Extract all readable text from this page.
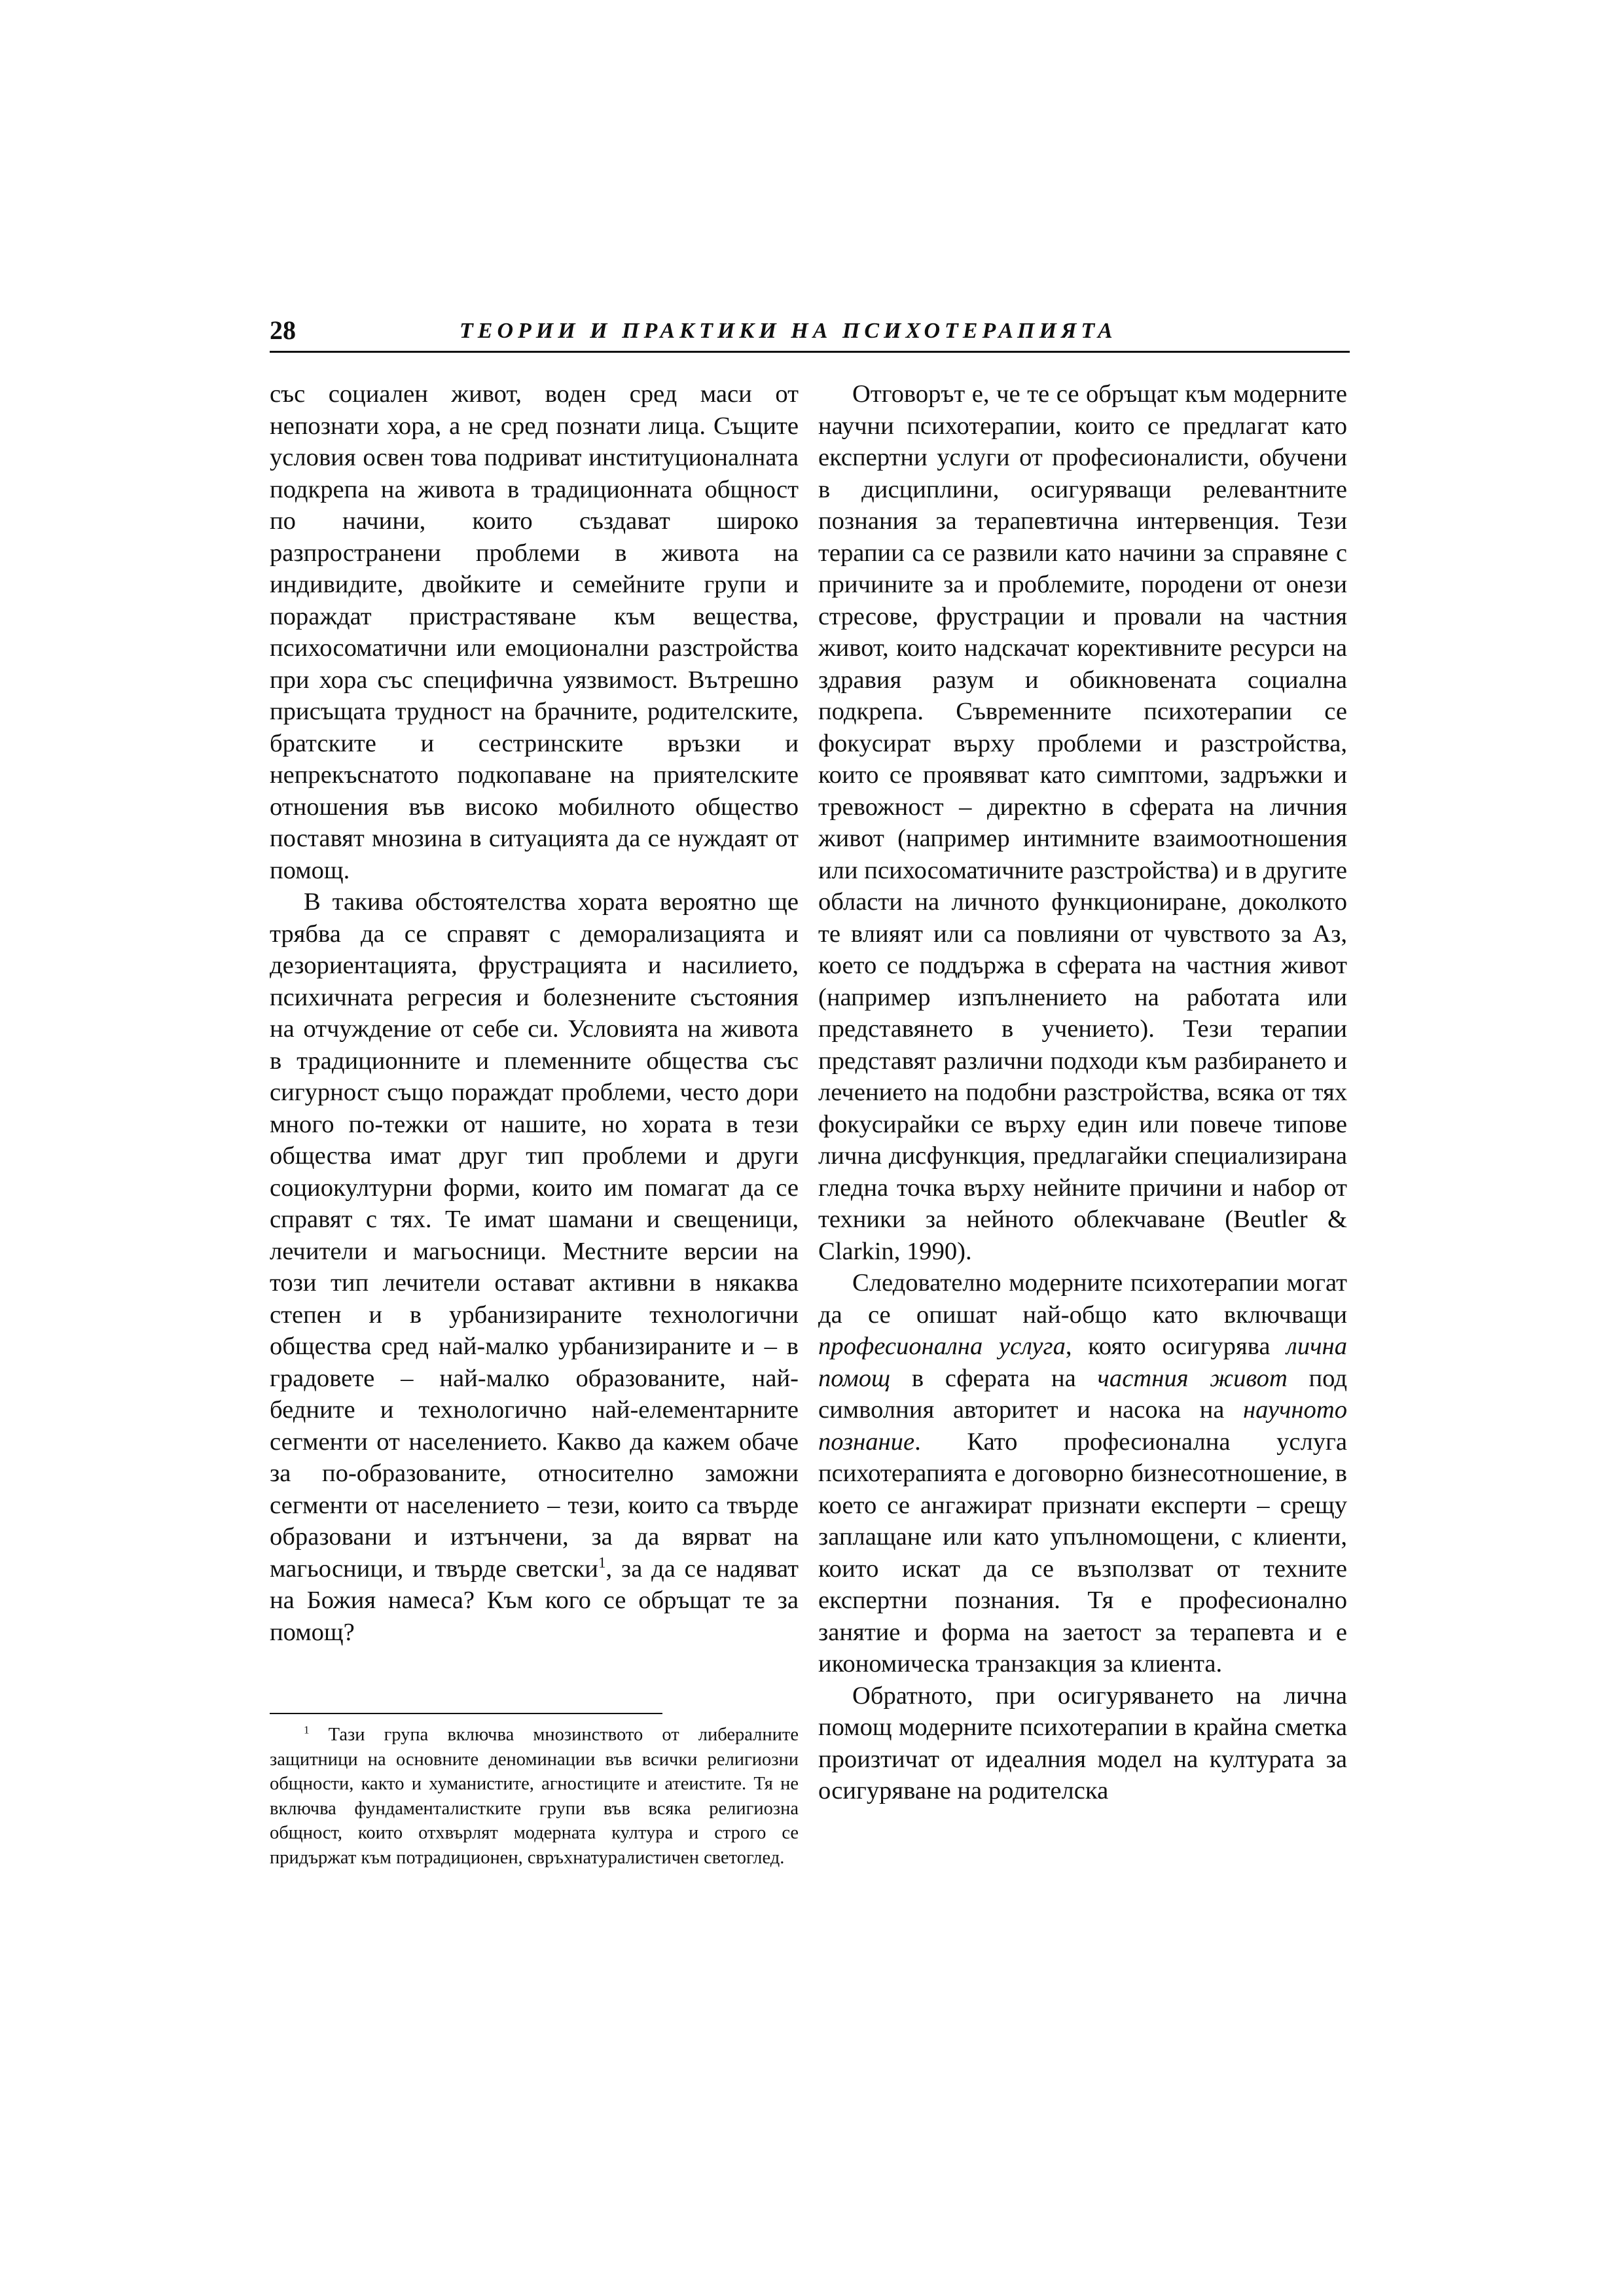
28	ТЕОРИИ И ПРАКТИКИ НА ПСИХОТЕРАПИЯТА

със социален живот, воден сред маси от непознати хора, а не сред познати лица. Същите условия освен това подриват институционалната подкрепа на живота в традиционната общност по начини, които създават широко разпространени проблеми в живота на индивидите, двойките и семейните групи и пораждат пристрастяване към вещества, психосоматични или емоционални разстройства при хора със специфична уязвимост. Вътрешно присъщата трудност на брачните, родителските, братските и сестринските връзки и непрекъснатото подкопаване на приятелските отношения във високо мобилното общество поставят мнозина в ситуацията да се нуждаят от помощ.

В такива обстоятелства хората вероятно ще трябва да се справят с деморализацията и дезориентацията, фрустрацията и насилието, психичната регресия и болезнените състояния на отчуждение от себе си. Условията на живота в традиционните и племенните общества със сигурност също пораждат проблеми, често дори много по-тежки от нашите, но хората в тези общества имат друг тип проблеми и други социокултурни форми, които им помагат да се справят с тях. Те имат шамани и свещеници, лечители и магьосници. Местните версии на този тип лечители остават активни в някаква степен и в урбанизираните технологични общества сред най-малко урбанизираните и – в градовете – най-малко образованите, най-бедните и технологично най-елементарните сегменти от населението. Какво да кажем обаче за по-образованите, относително заможни сегменти от населението – тези, които са твърде образовани и изтънчени, за да вярват на магьосници, и твърде светски$^1$, за да се надяват на Божия намеса? Към кого се обръщат те за помощ?

$^1$ Тази група включва мнозинството от либералните защитници на основните деноминации във всички религиозни общности, както и хуманистите, агностиците и атеистите. Тя не включва фундаменталистките групи във всяка религиозна общност, които отхвърлят модерната култура и строго се придържат към потрадиционен, свръхнатуралистичен светоглед.

Отговорът е, че те се обръщат към модерните научни психотерапии, които се предлагат като експертни услуги от професионалисти, обучени в дисциплини, осигуряващи релевантните познания за терапевтична интервенция. Тези терапии са се развили като начини за справяне с причините за и проблемите, породени от онези стресове, фрустрации и провали на частния живот, които надскачат корективните ресурси на здравия разум и обикновената социална подкрепа. Съвременните психотерапии се фокусират върху проблеми и разстройства, които се проявяват като симптоми, задръжки и тревожност – директно в сферата на личния живот (например интимните взаимоотношения или психосоматичните разстройства) и в другите области на личното функциониране, доколкото те влияят или са повлияни от чувството за Аз, което се поддържа в сферата на частния живот (например изпълнението на работата или представянето в учението). Тези терапии представят различни подходи към разбирането и лечението на подобни разстройства, всяка от тях фокусирайки се върху един или повече типове лична дисфункция, предлагайки специализирана гледна точка върху нейните причини и набор от техники за нейното облекчаване (Beutler & Clarkin, 1990).

Следователно модерните психотерапии могат да се опишат най-общо като включващи професионална услуга, която осигурява лична помощ в сферата на частния живот под символния авторитет и насока на научното познание. Като професионална услуга психотерапията е договорно бизнесотношение, в което се ангажират признати експерти – срещу заплащане или като упълномощени, с клиенти, които искат да се възползват от техните експертни познания. Тя е професионално занятие и форма на заетост за терапевта и е икономическа транзакция за клиента.

Обратното, при осигуряването на лична помощ модерните психотерапии в крайна сметка произтичат от идеалния модел на културата за осигуряване на родителска
